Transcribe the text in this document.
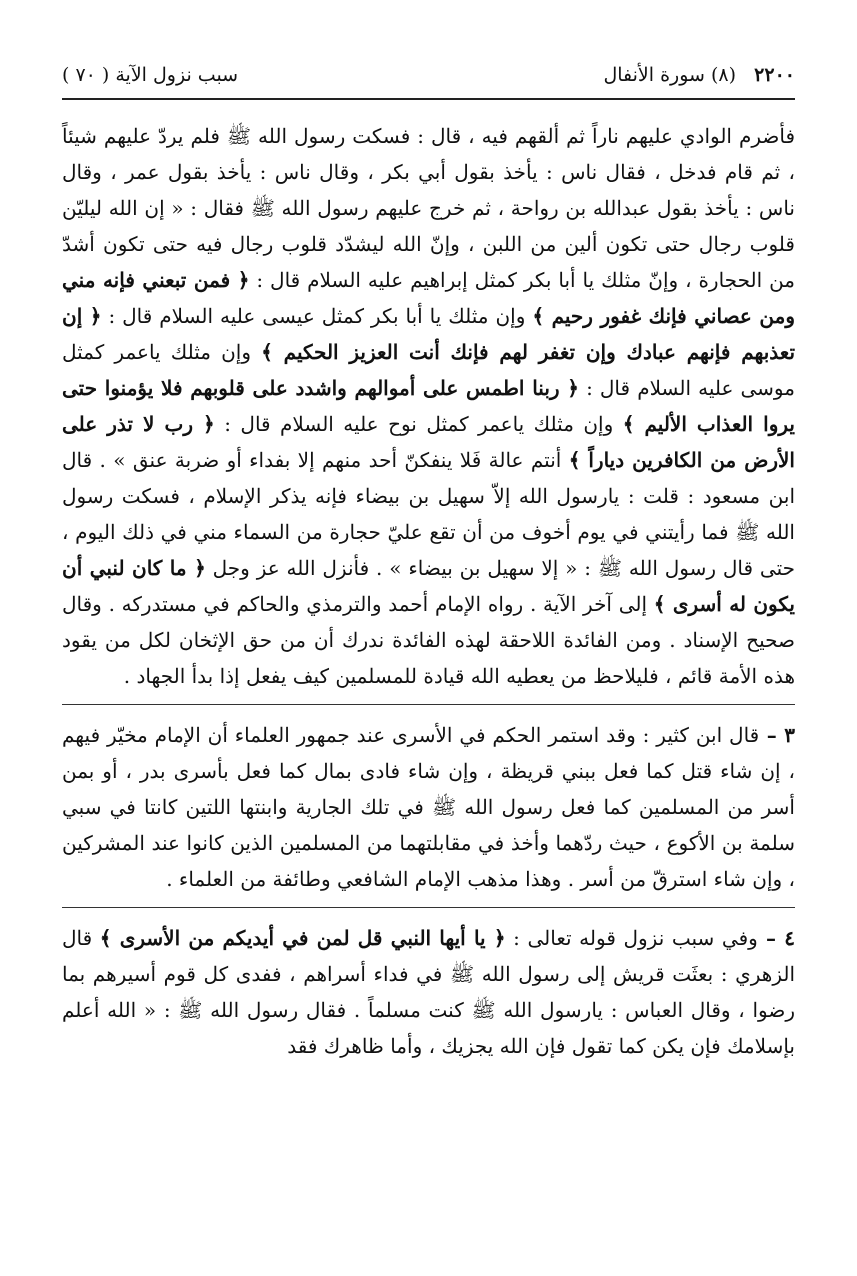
٢٢٠٠   (٨) سورة الأنفال
سبب نزول الآية ( ٧٠ )

فأضرم الوادي عليهم ناراً ثم ألقهم فيه ، قال : فسكت رسول الله ﷺ فلم يردّ عليهم شيئاً ، ثم قام فدخل ، فقال ناس : يأخذ بقول أبي بكر ، وقال ناس : يأخذ بقول عمر ، وقال ناس : يأخذ بقول عبدالله بن رواحة ، ثم خرج عليهم رسول الله ﷺ فقال : « إن الله ليليّن قلوب رجال حتى تكون ألين من اللبن ، وإنّ الله ليشدّد قلوب رجال فيه حتى تكون أشدّ من الحجارة ، وإنّ مثلك يا أبا بكر كمثل إبراهيم عليه السلام قال : ﴿ فمن تبعني فإنه مني ومن عصاني فإنك غفور رحيم ﴾ وإن مثلك يا أبا بكر كمثل عيسى عليه السلام قال : ﴿ إن تعذبهم فإنهم عبادك وإن تغفر لهم فإنك أنت العزيز الحكيم ﴾ وإن مثلك ياعمر كمثل موسى عليه السلام قال : ﴿ ربنا اطمس على أموالهم واشدد على قلوبهم فلا يؤمنوا حتى يروا العذاب الأليم ﴾ وإن مثلك ياعمر كمثل نوح عليه السلام قال : ﴿ رب لا تذر على الأرض من الكافرين دياراً ﴾ أنتم عالة فَلا ينفكنّ أحد منهم إلا بفداء أو ضربة عنق » . قال ابن مسعود : قلت : يارسول الله إلاّ سهيل بن بيضاء فإنه يذكر الإسلام ، فسكت رسول الله ﷺ فما رأيتني في يوم أخوف من أن تقع عليّ حجارة من السماء مني في ذلك اليوم ، حتى قال رسول الله ﷺ : « إلا سهيل بن بيضاء » . فأنزل الله عز وجل ﴿ ما كان لنبي أن يكون له أسرى ﴾ إلى آخر الآية . رواه الإمام أحمد والترمذي والحاكم في مستدركه . وقال صحيح الإسناد . ومن الفائدة اللاحقة لهذه الفائدة ندرك أن من حق الإثخان لكل من يقود هذه الأمة قائم ، فليلاحظ من يعطيه الله قيادة للمسلمين كيف يفعل إذا بدأ الجهاد .

٣ – قال ابن كثير : وقد استمر الحكم في الأسرى عند جمهور العلماء أن الإمام مخيّر فيهم ، إن شاء قتل كما فعل ببني قريظة ، وإن شاء فادى بمال كما فعل بأسرى بدر ، أو بمن أسر من المسلمين كما فعل رسول الله ﷺ في تلك الجارية وابنتها اللتين كانتا في سبي سلمة بن الأكوع ، حيث ردّهما وأخذ في مقابلتهما من المسلمين الذين كانوا عند المشركين ، وإن شاء استرقّ من أسر . وهذا مذهب الإمام الشافعي وطائفة من العلماء .

٤ – وفي سبب نزول قوله تعالى : ﴿ يا أيها النبي قل لمن في أيديكم من الأسرى ﴾ قال الزهري : بعثَت قريش إلى رسول الله ﷺ في فداء أسراهم ، ففدى كل قوم أسيرهم بما رضوا ، وقال العباس : يارسول الله ﷺ كنت مسلماً . فقال رسول الله ﷺ : « الله أعلم بإسلامك فإن يكن كما تقول فإن الله يجزيك ، وأما ظاهرك فقد
